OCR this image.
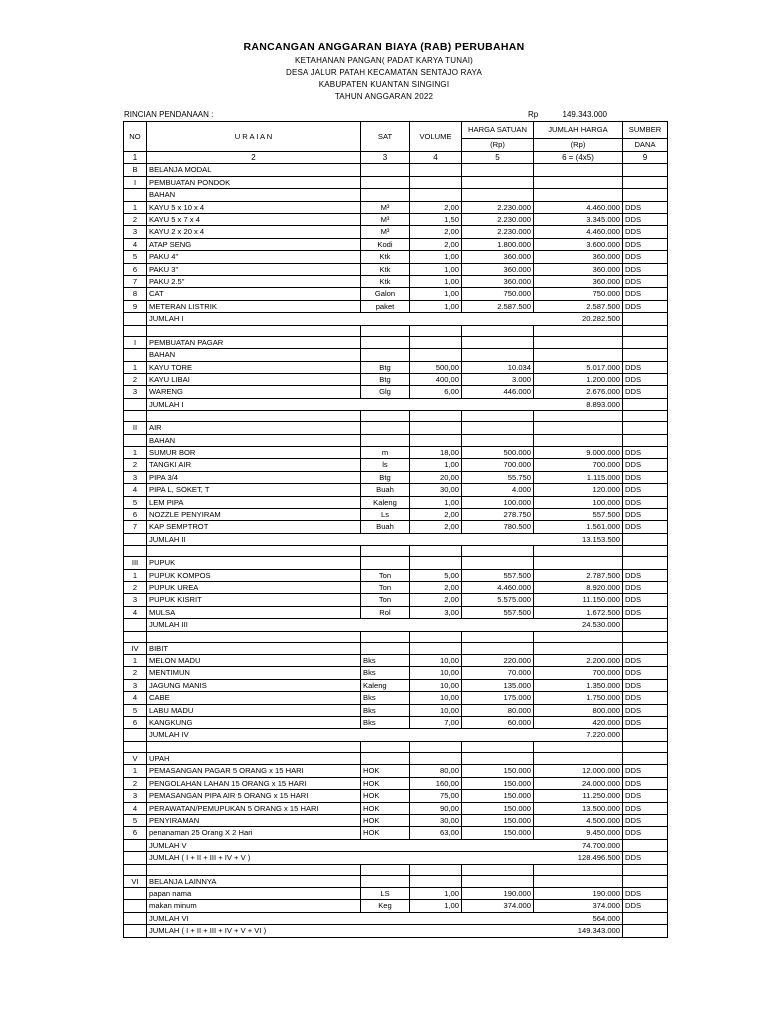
RANCANGAN ANGGARAN BIAYA (RAB) PERUBAHAN
KETAHANAN PANGAN( PADAT KARYA TUNAI)
DESA JALUR PATAH KECAMATAN SENTAJO RAYA
KABUPATEN KUANTAN SINGINGI
TAHUN ANGGARAN 2022
RINCIAN PENDANAAN :	Rp	149.343.000
NO	U R A I A N	SAT	VOLUME	HARGA SATUAN	JUMLAH HARGA	SUMBER
				(Rp)	(Rp)	DANA
1	2	3	4	5	6 = (4x5)	9
B	BELANJA MODAL					
I	PEMBUATAN PONDOK					
	BAHAN					
1	KAYU 5 x 10 x 4	M³	2,00	2.230.000	4.460.000	DDS
2	KAYU 5 x 7 x 4	M³	1,50	2.230.000	3.345.000	DDS
3	KAYU 2 x 20 x 4	M³	2,00	2.230.000	4.460.000	DDS
4	ATAP SENG	Kodi	2,00	1.800.000	3.600.000	DDS
5	PAKU 4"	Ktk	1,00	360.000	360.000	DDS
6	PAKU 3"	Ktk	1,00	360.000	360.000	DDS
7	PAKU 2.5"	Ktk	1,00	360.000	360.000	DDS
8	CAT	Galon	1,00	750.000	750.000	DDS
9	METERAN LISTRIK	paket	1,00	2.587.500	2.587.500	DDS
	JUMLAH I				20.282.500	

I	PEMBUATAN PAGAR					
	BAHAN					
1	KAYU TORE	Btg	500,00	10.034	5.017.000	DDS
2	KAYU LIBAI	Btg	400,00	3.000	1.200.000	DDS
3	WARENG	Glg	6,00	446.000	2.676.000	DDS
	JUMLAH I				8.893.000	

II	AIR					
	BAHAN					
1	SUMUR BOR	m	18,00	500.000	9.000.000	DDS
2	TANGKI AIR	ls	1,00	700.000	700.000	DDS
3	PIPA 3/4	Btg	20,00	55.750	1.115.000	DDS
4	PIPA L, SOKET, T	Buah	30,00	4.000	120.000	DDS
5	LEM PIPA	Kaleng	1,00	100.000	100.000	DDS
6	NOZZLE PENYIRAM	Ls	2,00	278.750	557.500	DDS
7	KAP SEMPTROT	Buah	2,00	780.500	1.561.000	DDS
	JUMLAH II				13.153.500	

III	PUPUK					
1	PUPUK KOMPOS	Ton	5,00	557.500	2.787.500	DDS
2	PUPUK UREA	Ton	2,00	4.460.000	8.920.000	DDS
3	PUPUK KISRIT	Ton	2,00	5.575.000	11.150.000	DDS
4	MULSA	Rol	3,00	557.500	1.672.500	DDS
	JUMLAH III				24.530.000	

IV	BIBIT					
1	MELON MADU	Bks	10,00	220.000	2.200.000	DDS
2	MENTIMUN	Bks	10,00	70.000	700.000	DDS
3	JAGUNG MANIS	Kaleng	10,00	135.000	1.350.000	DDS
4	CABE	Bks	10,00	175.000	1.750.000	DDS
5	LABU MADU	Bks	10,00	80.000	800.000	DDS
6	KANGKUNG	Bks	7,00	60.000	420.000	DDS
	JUMLAH IV				7.220.000	

V	UPAH					
1	PEMASANGAN PAGAR 5 ORANG x 15 HARI	HOK	80,00	150.000	12.000.000	DDS
2	PENGOLAHAN LAHAN 15 ORANG x 15 HARI	HOK	160,00	150.000	24.000.000	DDS
3	PEMASANGAN PIPA AIR 5 ORANG x 15 HARI	HOK	75,00	150.000	11.250.000	DDS
4	PERAWATAN/PEMUPUKAN 5 ORANG x 15 HARI	HOK	90,00	150.000	13.500.000	DDS
5	PENYIRAMAN	HOK	30,00	150.000	4.500.000	DDS
6	penanaman 25 Orang X 2 Hari	HOK	63,00	150.000	9.450.000	DDS
	JUMLAH V				74.700.000	
	JUMLAH ( I + II + III + IV + V )				128.496.500	DDS

VI	BELANJA LAINNYA					
	papan nama	LS	1,00	190.000	190.000	DDS
	makan minum	Keg	1,00	374.000	374.000	DDS
	JUMLAH VI				564.000	
	JUMLAH ( I + II + III + IV + V + VI )				149.343.000	
